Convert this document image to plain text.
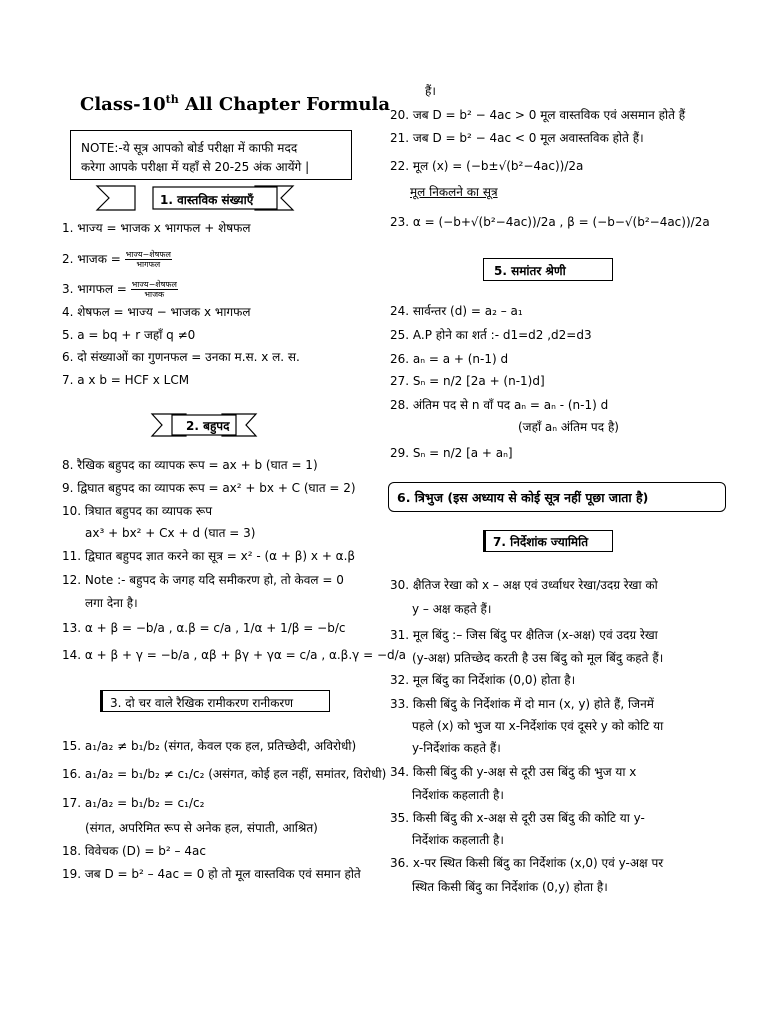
Class-10th All Chapter Formula
NOTE:-ये सूत्र आपको बोर्ड परीक्षा में काफी मदद
करेगा आपके परीक्षा में यहाँ से 20-25 अंक आयेंगे |
1. वास्तविक संख्याएँ
1. भाज्य = भाजक x भागफल + शेषफल
2. भाजक = $\frac{\text{भाज्य−शेषफल}}{\text{भागफल}}$
3. भागफल = $\frac{\text{भाज्य−शेषफल}}{\text{भाजक}}$
4. शेषफल = भाज्य − भाजक x भागफल
5. a = bq + r जहाँ q ≠0
6. दो संख्याओं का गुणनफल = उनका म.स. x ल. स.
7. a x b = HCF x LCM
2. बहुपद
8. रैखिक बहुपद का व्यापक रूप = ax + b (घात = 1)
9. द्विघात बहुपद का व्यापक रूप = ax² + bx + C (घात = 2)
10. त्रिघात बहुपद का व्यापक रूप
ax³ + bx² + Cx + d (घात = 3)
11. द्विघात बहुपद ज्ञात करने का सूत्र = x² - (α + β) x + α.β
12. Note :- बहुपद के जगह यदि समीकरण हो, तो केवल = 0
लगा देना है।
13. α + β = −b/a , α.β = c/a , 1/α + 1/β = −b/c
14. α + β + γ = −b/a , αβ + βγ + γα = c/a , α.β.γ = −d/a
3. दो चर वाले रैखिक रामीकरण रानीकरण
15. a₁/a₂ ≠ b₁/b₂ (संगत, केवल एक हल, प्रतिच्छेदी, अविरोधी)
16. a₁/a₂ = b₁/b₂ ≠ c₁/c₂ (असंगत, कोई हल नहीं, समांतर, विरोधी)
17. a₁/a₂ = b₁/b₂ = c₁/c₂
(संगत, अपरिमित रूप से अनेक हल, संपाती, आश्रित)
18. विवेचक (D) = b² – 4ac
19. जब D = b² – 4ac = 0 हो तो मूल वास्तविक एवं समान होते
हैं।
20. जब D = b² − 4ac > 0 मूल वास्तविक एवं असमान होते हैं
21. जब D = b² − 4ac < 0 मूल अवास्तविक होते हैं।
22. मूल (x) = (−b±√(b²−4ac))/2a
मूल निकलने का सूत्र
23. α = (−b+√(b²−4ac))/2a , β = (−b−√(b²−4ac))/2a
5. समांतर श्रेणी
24. सार्वन्तर (d) = a₂ – a₁
25. A.P होने का शर्त :- d1=d2 ,d2=d3
26. aₙ = a + (n-1) d
27. Sₙ = n/2 [2a + (n-1)d]
28. अंतिम पद से n वाँ पद aₙ = aₙ - (n-1) d
(जहाँ aₙ अंतिम पद है)
29. Sₙ = n/2 [a + aₙ]
6. त्रिभुज (इस अध्याय से कोई सूत्र नहीं पूछा जाता है)
7. निर्देशांक ज्यामिति
30. क्षैतिज रेखा को x – अक्ष एवं उर्ध्वाधर रेखा/उदग्र रेखा को
y – अक्ष कहते हैं।
31. मूल बिंदु :– जिस बिंदु पर क्षैतिज (x-अक्ष) एवं उदग्र रेखा
(y-अक्ष) प्रतिच्छेद करती है उस बिंदु को मूल बिंदु कहते हैं।
32. मूल बिंदु का निर्देशांक (0,0) होता है।
33. किसी बिंदु के निर्देशांक में दो मान (x, y) होते हैं, जिनमें
पहले (x) को भुज या x-निर्देशांक एवं दूसरे y को कोटि या
y-निर्देशांक कहते हैं।
34. किसी बिंदु की y-अक्ष से दूरी उस बिंदु की भुज या x
निर्देशांक कहलाती है।
35. किसी बिंदु की x-अक्ष से दूरी उस बिंदु की कोटि या y-
निर्देशांक कहलाती है।
36. x-पर स्थित किसी बिंदु का निर्देशांक (x,0) एवं y-अक्ष पर
स्थित किसी बिंदु का निर्देशांक (0,y) होता है।
